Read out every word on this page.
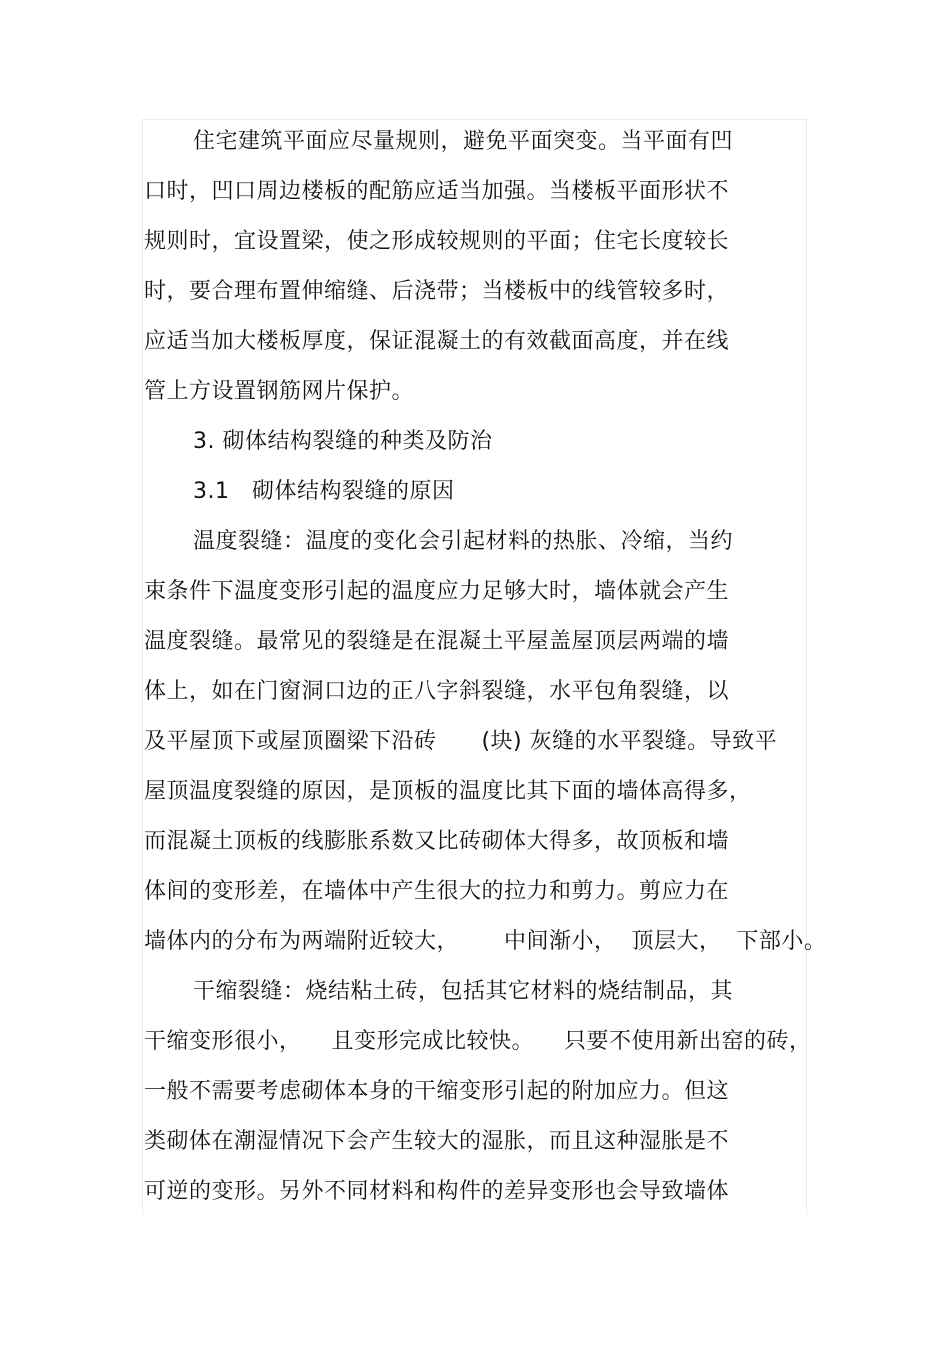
住宅建筑平面应尽量规则，避免平面突变。当平面有凹
口时，凹口周边楼板的配筋应适当加强。当楼板平面形状不
规则时，宜设置梁，使之形成较规则的平面；住宅长度较长
时，要合理布置伸缩缝、后浇带；当楼板中的线管较多时，
应适当加大楼板厚度，保证混凝土的有效截面高度，并在线
管上方设置钢筋网片保护。
3. 砌体结构裂缝的种类及防治
3.1   砌体结构裂缝的原因
温度裂缝：温度的变化会引起材料的热胀、冷缩，当约
束条件下温度变形引起的温度应力足够大时，墙体就会产生
温度裂缝。最常见的裂缝是在混凝土平屋盖屋顶层两端的墙
体上，如在门窗洞口边的正八字斜裂缝，水平包角裂缝，以
及平屋顶下或屋顶圈梁下沿砖      (块) 灰缝的水平裂缝。导致平
屋顶温度裂缝的原因，是顶板的温度比其下面的墙体高得多，
而混凝土顶板的线膨胀系数又比砖砌体大得多，故顶板和墙
体间的变形差，在墙体中产生很大的拉力和剪力。剪应力在
墙体内的分布为两端附近较大，      中间渐小，  顶层大，  下部小。
干缩裂缝：烧结粘土砖，包括其它材料的烧结制品，其
干缩变形很小，    且变形完成比较快。    只要不使用新出窑的砖，
一般不需要考虑砌体本身的干缩变形引起的附加应力。但这
类砌体在潮湿情况下会产生较大的湿胀，而且这种湿胀是不
可逆的变形。另外不同材料和构件的差异变形也会导致墙体
